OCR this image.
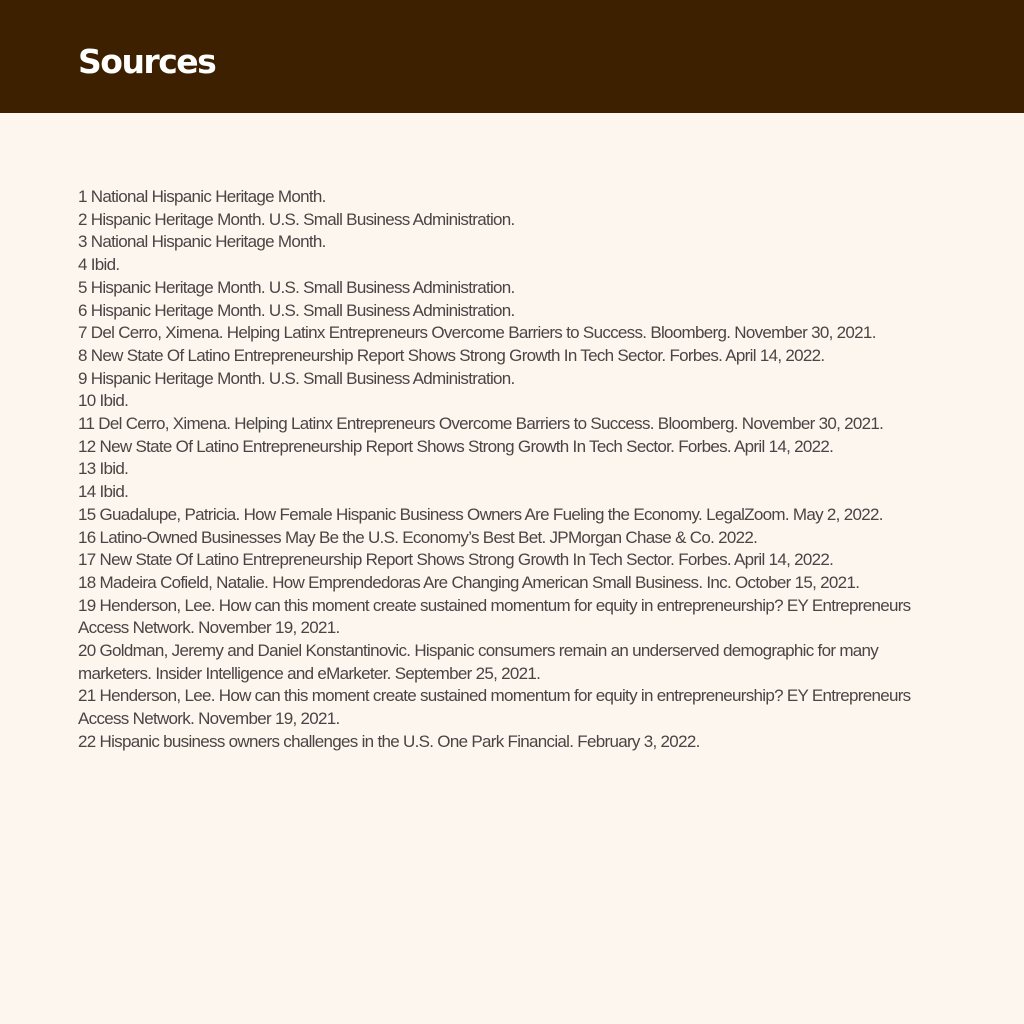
Sources
1 National Hispanic Heritage Month.
2 Hispanic Heritage Month. U.S. Small Business Administration.
3 National Hispanic Heritage Month.
4 Ibid.
5 Hispanic Heritage Month. U.S. Small Business Administration.
6 Hispanic Heritage Month. U.S. Small Business Administration.
7 Del Cerro, Ximena. Helping Latinx Entrepreneurs Overcome Barriers to Success. Bloomberg. November 30, 2021.
8 New State Of Latino Entrepreneurship Report Shows Strong Growth In Tech Sector. Forbes. April 14, 2022.
9 Hispanic Heritage Month. U.S. Small Business Administration.
10 Ibid.
11 Del Cerro, Ximena. Helping Latinx Entrepreneurs Overcome Barriers to Success. Bloomberg. November 30, 2021.
12 New State Of Latino Entrepreneurship Report Shows Strong Growth In Tech Sector. Forbes. April 14, 2022.
13 Ibid.
14 Ibid.
15 Guadalupe, Patricia. How Female Hispanic Business Owners Are Fueling the Economy. LegalZoom. May 2, 2022.
16 Latino-Owned Businesses May Be the U.S. Economy’s Best Bet. JPMorgan Chase & Co. 2022.
17 New State Of Latino Entrepreneurship Report Shows Strong Growth In Tech Sector. Forbes. April 14, 2022.
18 Madeira Cofield, Natalie. How Emprendedoras Are Changing American Small Business. Inc. October 15, 2021.
19 Henderson, Lee. How can this moment create sustained momentum for equity in entrepreneurship? EY Entrepreneurs Access Network. November 19, 2021.
20 Goldman, Jeremy and Daniel Konstantinovic. Hispanic consumers remain an underserved demographic for many marketers. Insider Intelligence and eMarketer. September 25, 2021.
21 Henderson, Lee. How can this moment create sustained momentum for equity in entrepreneurship? EY Entrepreneurs Access Network. November 19, 2021.
22 Hispanic business owners challenges in the U.S. One Park Financial. February 3, 2022.
